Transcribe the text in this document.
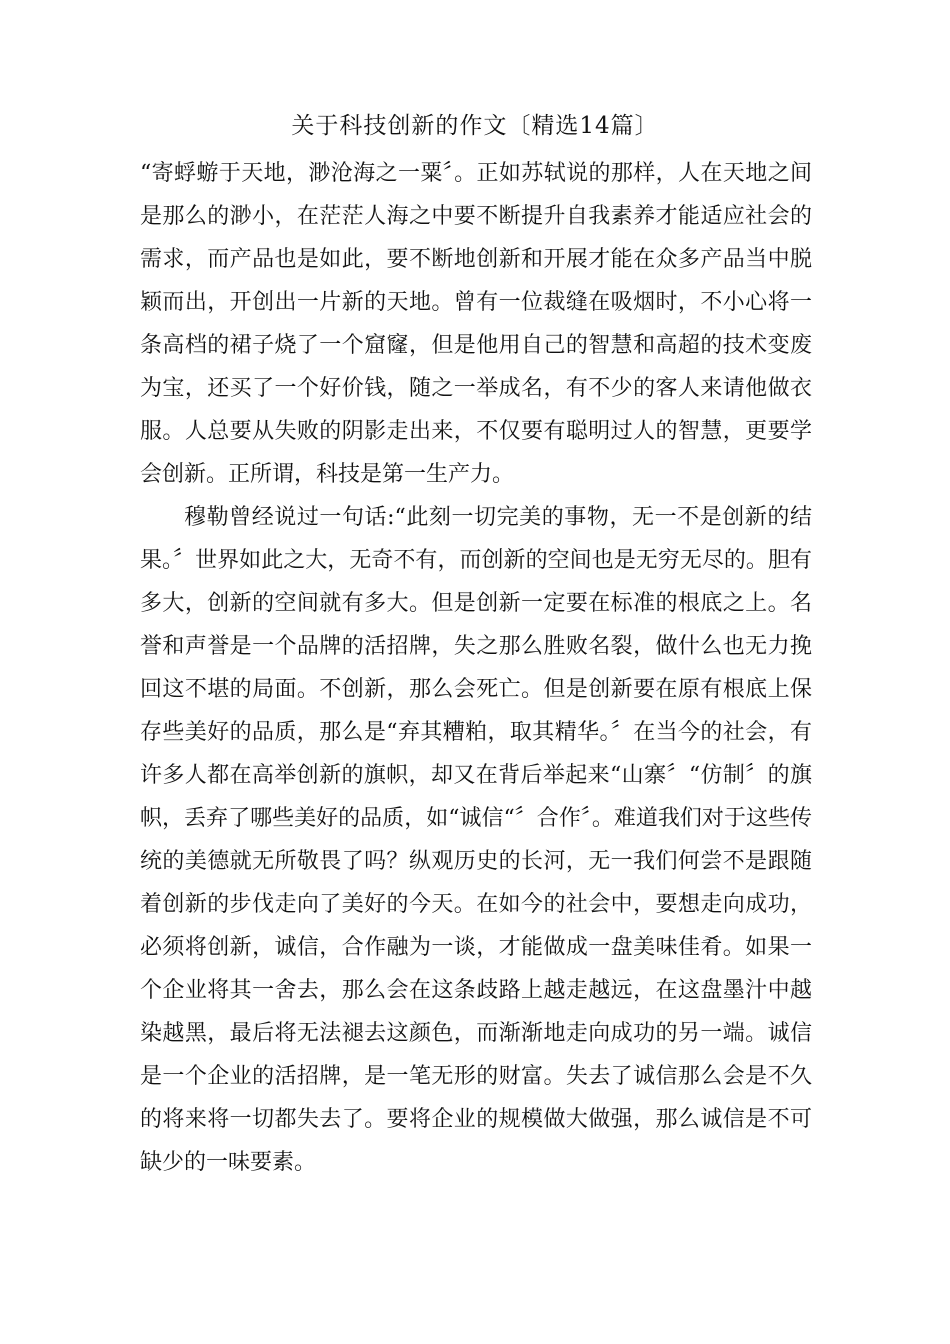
关于科技创新的作文〔精选14篇〕

“寄蜉蝣于天地，渺沧海之一粟〞。正如苏轼说的那样，人在天地之间是那么的渺小，在茫茫人海之中要不断提升自我素养才能适应社会的需求，而产品也是如此，要不断地创新和开展才能在众多产品当中脱颖而出，开创出一片新的天地。曾有一位裁缝在吸烟时，不小心将一条高档的裙子烧了一个窟窿，但是他用自己的智慧和高超的技术变废为宝，还买了一个好价钱，随之一举成名，有不少的客人来请他做衣服。人总要从失败的阴影走出来，不仅要有聪明过人的智慧，更要学会创新。正所谓，科技是第一生产力。

穆勒曾经说过一句话:“此刻一切完美的事物，无一不是创新的结果。〞世界如此之大，无奇不有，而创新的空间也是无穷无尽的。胆有多大，创新的空间就有多大。但是创新一定要在标准的根底之上。名誉和声誉是一个品牌的活招牌，失之那么胜败名裂，做什么也无力挽回这不堪的局面。不创新，那么会死亡。但是创新要在原有根底上保存些美好的品质，那么是“弃其糟粕，取其精华。〞在当今的社会，有许多人都在高举创新的旗帜，却又在背后举起来“山寨〞“仿制〞的旗帜，丢弃了哪些美好的品质，如“诚信“〞合作〞。难道我们对于这些传统的美德就无所敬畏了吗？纵观历史的长河，无一我们何尝不是跟随着创新的步伐走向了美好的今天。在如今的社会中，要想走向成功，必须将创新，诚信，合作融为一谈，才能做成一盘美味佳肴。如果一个企业将其一舍去，那么会在这条歧路上越走越远，在这盘墨汁中越染越黑，最后将无法褪去这颜色，而渐渐地走向成功的另一端。诚信是一个企业的活招牌，是一笔无形的财富。失去了诚信那么会是不久的将来将一切都失去了。要将企业的规模做大做强，那么诚信是不可缺少的一味要素。
